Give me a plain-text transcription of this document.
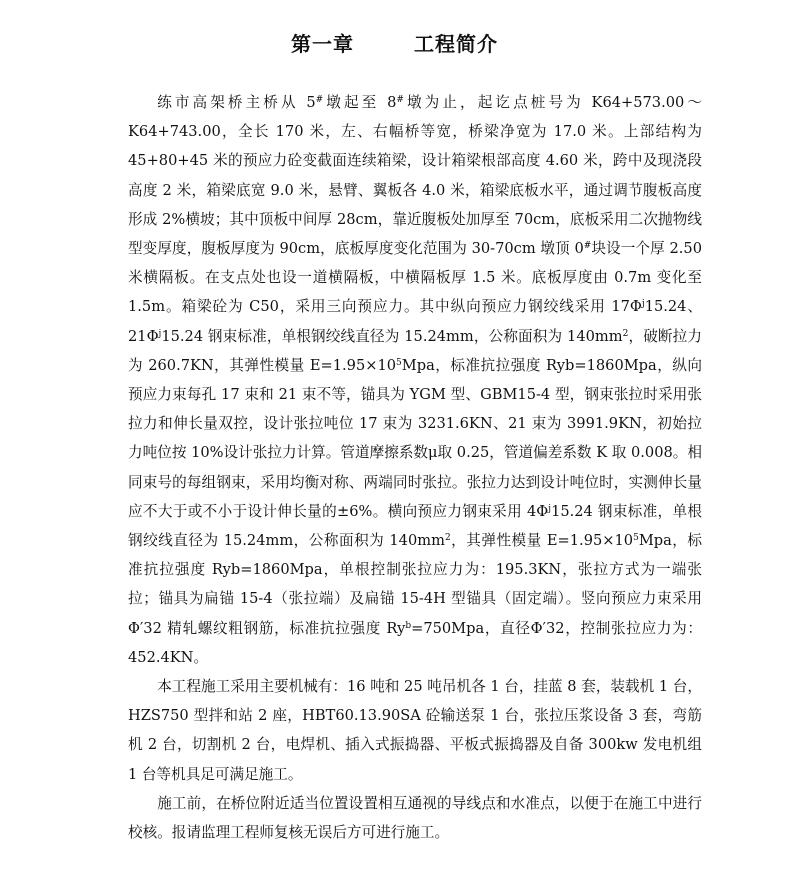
第一章	工程简介

练市高架桥主桥从 5#墩起至 8#墩为止，起讫点桩号为 K64+573.00～K64+743.00，全长 170 米，左、右幅桥等宽，桥梁净宽为 17.0 米。上部结构为 45+80+45 米的预应力砼变截面连续箱梁，设计箱梁根部高度 4.60 米，跨中及现浇段高度 2 米，箱梁底宽 9.0 米，悬臂、翼板各 4.0 米，箱梁底板水平，通过调节腹板高度形成 2%横坡；其中顶板中间厚 28cm，靠近腹板处加厚至 70cm，底板采用二次抛物线型变厚度，腹板厚度为 90cm，底板厚度变化范围为 30-70cm 墩顶 0#块设一个厚 2.50 米横隔板。在支点处也设一道横隔板，中横隔板厚 1.5 米。底板厚度由 0.7m 变化至 1.5m。箱梁砼为 C50，采用三向预应力。其中纵向预应力钢绞线采用 $17\Phi^j15.24$、$21\Phi^j15.24$ 钢束标准，单根钢绞线直径为 15.24mm，公称面积为 $140mm^2$，破断拉力为 260.7KN，其弹性模量 $E=1.95\times 10^5Mpa$，标准抗拉强度 Ryb=1860Mpa，纵向预应力束每孔 17 束和 21 束不等，锚具为 YGM 型、GBM15-4 型，钢束张拉时采用张拉力和伸长量双控，设计张拉吨位 17 束为 3231.6KN、21 束为 3991.9KN，初始拉力吨位按 10%设计张拉力计算。管道摩擦系数μ取 0.25，管道偏差系数 K 取 0.008。相同束号的每组钢束，采用均衡对称、两端同时张拉。张拉力达到设计吨位时，实测伸长量应不大于或不小于设计伸长量的±6%。横向预应力钢束采用 $4\Phi^j15.24$ 钢束标准，单根钢绞线直径为 15.24mm，公称面积为 $140mm^2$，其弹性模量 $E=1.95\times 10^5Mpa$，标准抗拉强度 Ryb=1860Mpa，单根控制张拉应力为：195.3KN，张拉方式为一端张拉；锚具为扁锚 15-4（张拉端）及扁锚 15-4H 型锚具（固定端）。竖向预应力束采用Φ′32 精轧螺纹粗钢筋，标准抗拉强度 $Ry^b=750Mpa$，直径Φ′32，控制张拉应力为：452.4KN。

本工程施工采用主要机械有：16 吨和 25 吨吊机各 1 台，挂蓝 8 套，装载机 1 台，HZS750 型拌和站 2 座，HBT60.13.90SA 砼输送泵 1 台，张拉压浆设备 3 套，弯筋机 2 台，切割机 2 台，电焊机、插入式振捣器、平板式振捣器及自备 300kw 发电机组 1 台等机具足可满足施工。

施工前，在桥位附近适当位置设置相互通视的导线点和水准点，以便于在施工中进行校核。报请监理工程师复核无误后方可进行施工。
